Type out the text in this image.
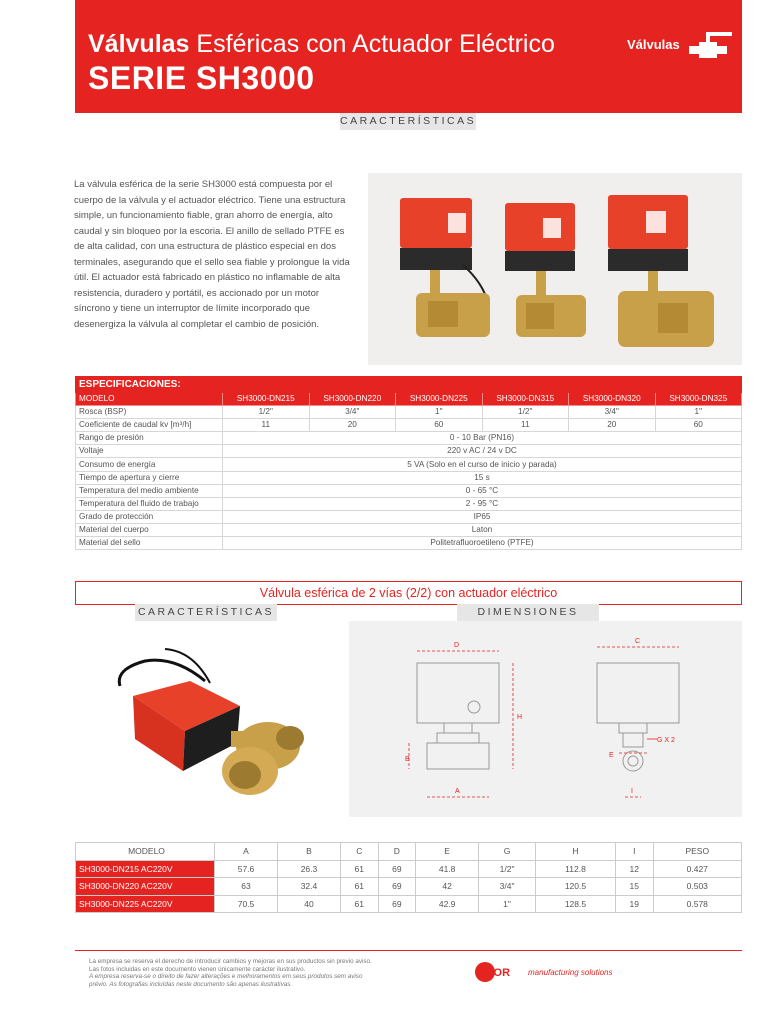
Válvulas Esféricas con Actuador Eléctrico
SERIE SH3000
Válvulas
CARACTERÍSTICAS
La válvula esférica de la serie SH3000 está compuesta por el cuerpo de la válvula y el actuador eléctrico. Tiene una estructura simple, un funcionamiento fiable, gran ahorro de energía, alto caudal y sin bloqueo por la escoria. El anillo de sellado PTFE es de alta calidad, con una estructura de plástico especial en dos terminales, asegurando que el sello sea fiable y prolongue la vida útil. El actuador está fabricado en plástico no inflamable de alta resistencia, duradero y portátil, es accionado por un motor síncrono y tiene un interruptor de límite incorporado que desenergiza la válvula al completar el cambio de posición.
ESPECIFICACIONES:						
MODELO	SH3000-DN215	SH3000-DN220	SH3000-DN225	SH3000-DN315	SH3000-DN320	SH3000-DN325
Rosca (BSP)	1/2"	3/4"	1"	1/2"	3/4"	1"
Coeficiente de caudal kv [m³/h]	11	20	60	11	20	60
Rango de presión	0 - 10 Bar (PN16)					
Voltaje	220 v AC / 24 v DC					
Consumo de energía	5 VA (Solo en el curso de inicio y parada)					
Tiempo de apertura y cierre	15 s					
Temperatura del medio ambiente	0 - 65 °C					
Temperatura del fluido de trabajo	2 - 95 °C					
Grado de protección	IP65					
Material del cuerpo	Laton					
Material del sello	Politetrafluoroetileno (PTFE)					
Válvula esférica de 2 vías (2/2) con actuador eléctrico
CARACTERÍSTICAS	DIMENSIONES
D
H
B
A
C
E
G X 2
I
MODELO	A	B	C	D	E	G	H	I	PESO
SH3000-DN215 AC220V	57.6	26.3	61	69	41.8	1/2"	112.8	12	0.427
SH3000-DN220 AC220V	63	32.4	61	69	42	3/4"	120.5	15	0.503
SH3000-DN225 AC220V	70.5	40	61	69	42.9	1"	128.5	19	0.578
La empresa se reserva el derecho de introducir cambios y mejoras en sus productos sin previo aviso. Las fotos incluidas en este documento vienen únicamente carácter ilustrativo.
A empresa reserva-se o direito de fazer alterações e melhoramentos em seus produtos sem aviso prévio. As fotografias incluídas neste documento são apenas ilustrativas.
INTOR manufacturing solutions
